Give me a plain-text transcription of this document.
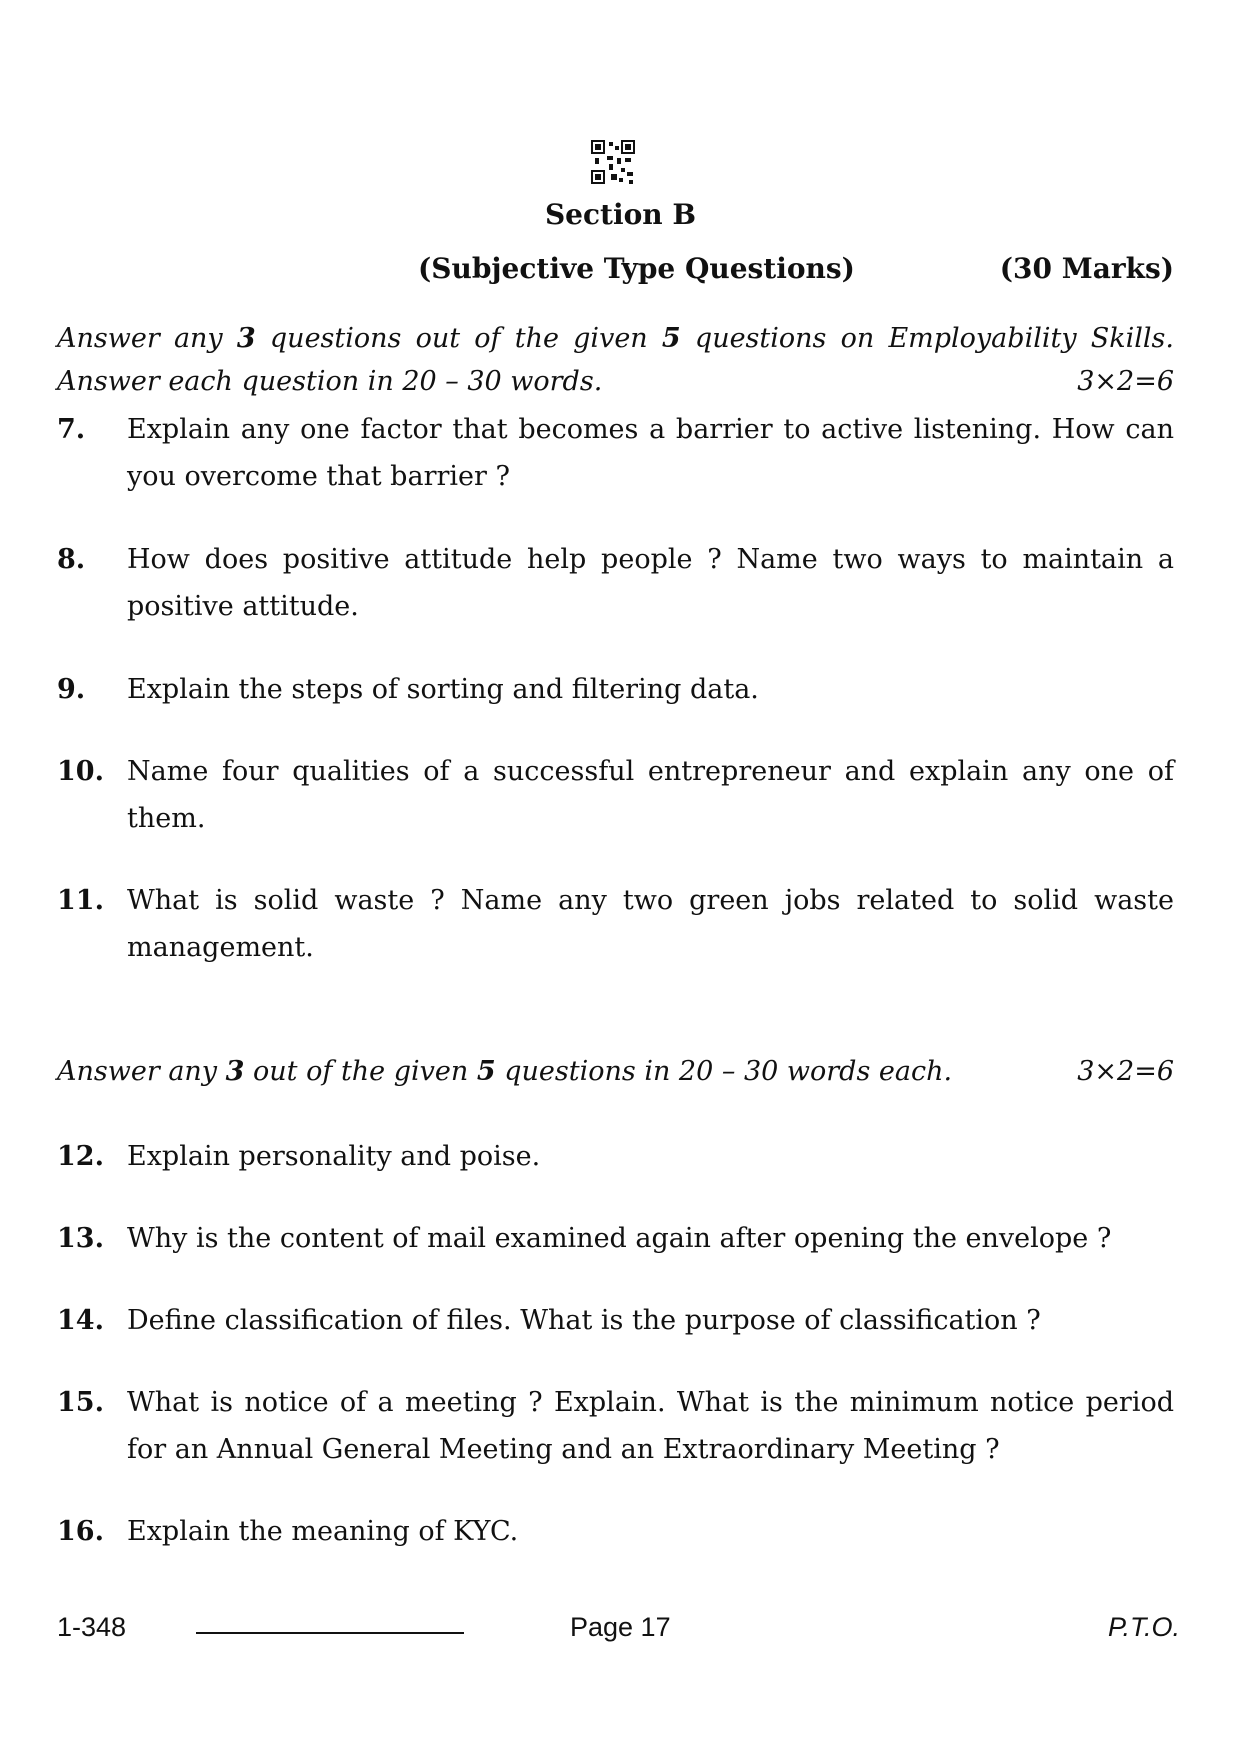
Section B
(Subjective Type Questions)	(30 Marks)
Answer any 3 questions out of the given 5 questions on Employability Skills.
Answer each question in 20 – 30 words.	3×2=6
7.	Explain any one factor that becomes a barrier to active listening. How can you overcome that barrier ?
8.	How does positive attitude help people ? Name two ways to maintain a positive attitude.
9.	Explain the steps of sorting and filtering data.
10. Name four qualities of a successful entrepreneur and explain any one of them.
11. What is solid waste ? Name any two green jobs related to solid waste management.
Answer any 3 out of the given 5 questions in 20 – 30 words each.	3×2=6
12. Explain personality and poise.
13. Why is the content of mail examined again after opening the envelope ?
14. Define classification of files. What is the purpose of classification ?
15. What is notice of a meeting ? Explain. What is the minimum notice period for an Annual General Meeting and an Extraordinary Meeting ?
16. Explain the meaning of KYC.
1-348	Page 17	P.T.O.
